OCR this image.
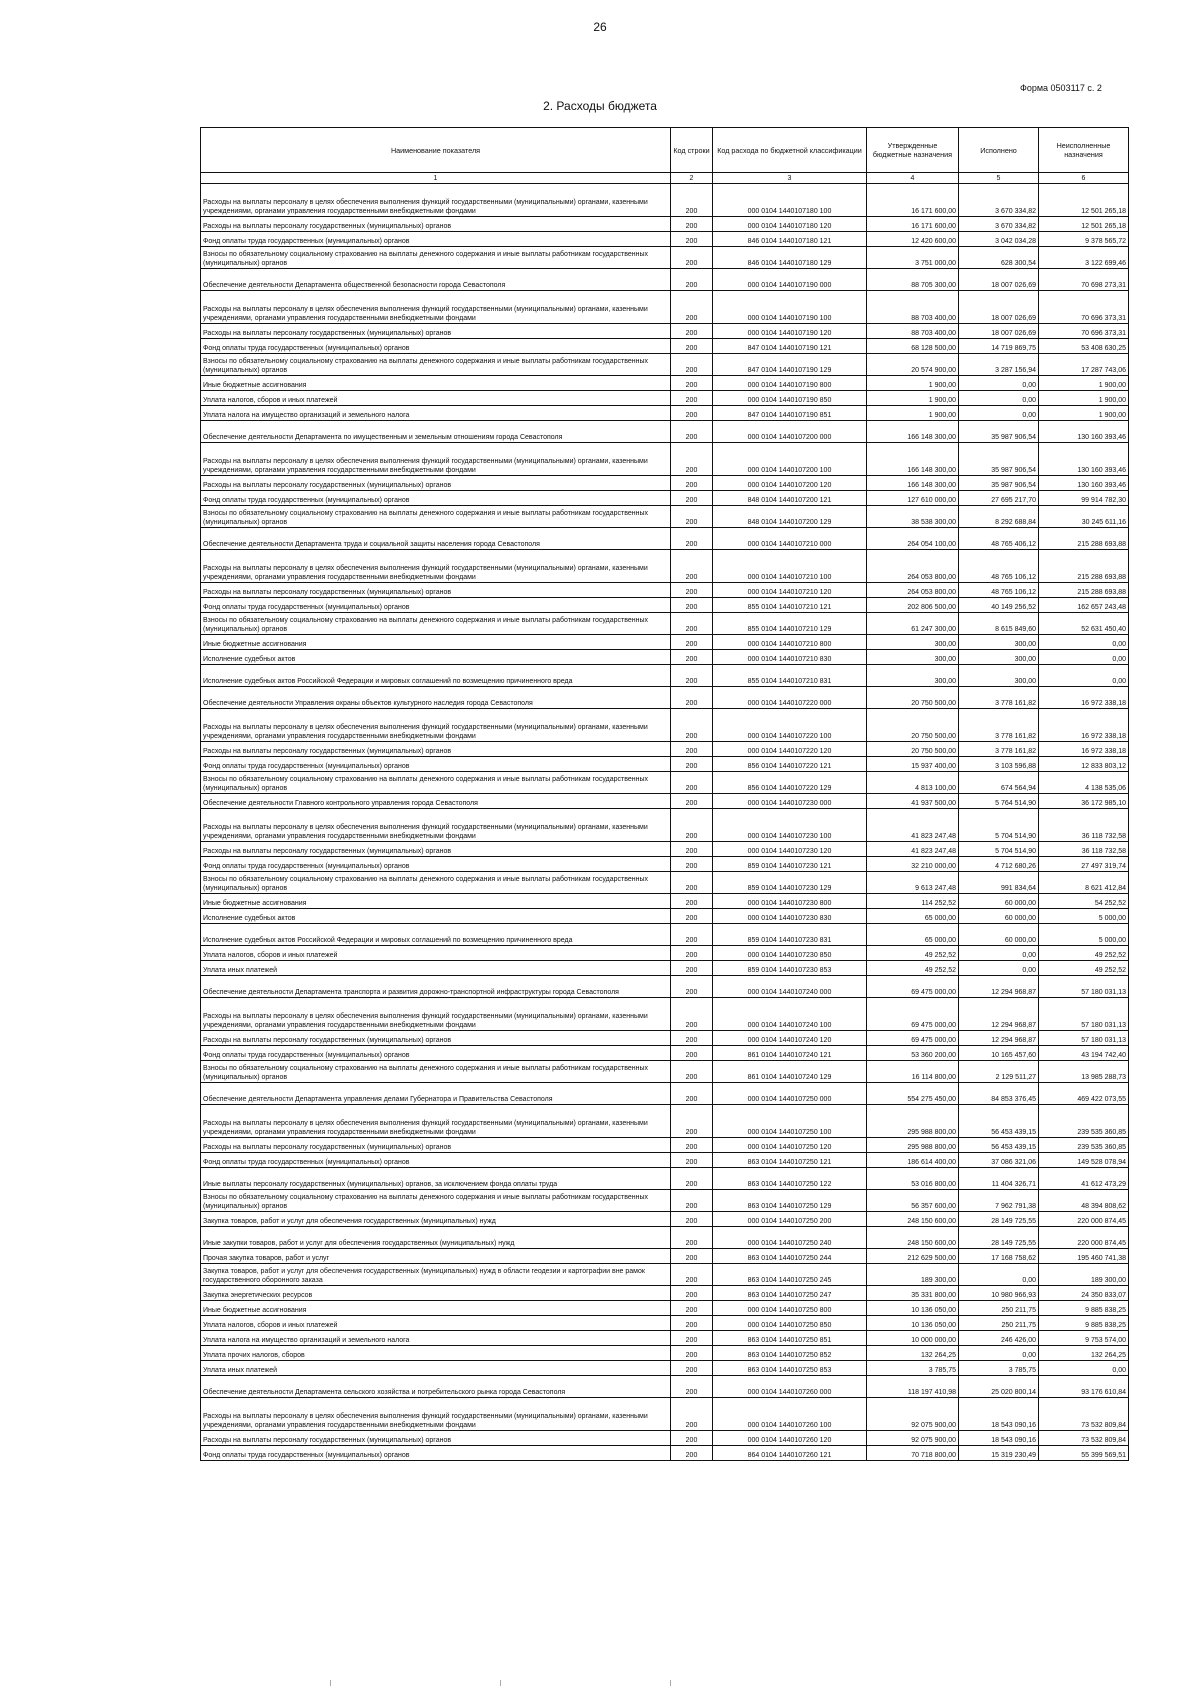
26
Форма 0503117 с. 2
2. Расходы бюджета
Наименование показателя	Код строки	Код расхода по бюджетной классификации	Утвержденные бюджетные назначения	Исполнено	Неисполненные назначения
1	2	3	4	5	6
Расходы на выплаты персоналу в целях обеспечения выполнения функций государственными (муниципальными) органами, казенными учреждениями, органами управления государственными внебюджетными фондами	200	000 0104 1440107180 100	16 171 600,00	3 670 334,82	12 501 265,18
Расходы на выплаты персоналу государственных (муниципальных) органов	200	000 0104 1440107180 120	16 171 600,00	3 670 334,82	12 501 265,18
Фонд оплаты труда государственных (муниципальных) органов	200	846 0104 1440107180 121	12 420 600,00	3 042 034,28	9 378 565,72
Взносы по обязательному социальному страхованию на выплаты денежного содержания и иные выплаты работникам государственных (муниципальных) органов	200	846 0104 1440107180 129	3 751 000,00	628 300,54	3 122 699,46
Обеспечение деятельности Департамента общественной безопасности города Севастополя	200	000 0104 1440107190 000	88 705 300,00	18 007 026,69	70 698 273,31
Расходы на выплаты персоналу в целях обеспечения выполнения функций государственными (муниципальными) органами, казенными учреждениями, органами управления государственными внебюджетными фондами	200	000 0104 1440107190 100	88 703 400,00	18 007 026,69	70 696 373,31
Расходы на выплаты персоналу государственных (муниципальных) органов	200	000 0104 1440107190 120	88 703 400,00	18 007 026,69	70 696 373,31
Фонд оплаты труда государственных (муниципальных) органов	200	847 0104 1440107190 121	68 128 500,00	14 719 869,75	53 408 630,25
Взносы по обязательному социальному страхованию на выплаты денежного содержания и иные выплаты работникам государственных (муниципальных) органов	200	847 0104 1440107190 129	20 574 900,00	3 287 156,94	17 287 743,06
Иные бюджетные ассигнования	200	000 0104 1440107190 800	1 900,00	0,00	1 900,00
Уплата налогов, сборов и иных платежей	200	000 0104 1440107190 850	1 900,00	0,00	1 900,00
Уплата налога на имущество организаций и земельного налога	200	847 0104 1440107190 851	1 900,00	0,00	1 900,00
Обеспечение деятельности Департамента по имущественным и земельным отношениям города Севастополя	200	000 0104 1440107200 000	166 148 300,00	35 987 906,54	130 160 393,46
Расходы на выплаты персоналу в целях обеспечения выполнения функций государственными (муниципальными) органами, казенными учреждениями, органами управления государственными внебюджетными фондами	200	000 0104 1440107200 100	166 148 300,00	35 987 906,54	130 160 393,46
Расходы на выплаты персоналу государственных (муниципальных) органов	200	000 0104 1440107200 120	166 148 300,00	35 987 906,54	130 160 393,46
Фонд оплаты труда государственных (муниципальных) органов	200	848 0104 1440107200 121	127 610 000,00	27 695 217,70	99 914 782,30
Взносы по обязательному социальному страхованию на выплаты денежного содержания и иные выплаты работникам государственных (муниципальных) органов	200	848 0104 1440107200 129	38 538 300,00	8 292 688,84	30 245 611,16
Обеспечение деятельности Департамента труда и социальной защиты населения города Севастополя	200	000 0104 1440107210 000	264 054 100,00	48 765 406,12	215 288 693,88
Расходы на выплаты персоналу в целях обеспечения выполнения функций государственными (муниципальными) органами, казенными учреждениями, органами управления государственными внебюджетными фондами	200	000 0104 1440107210 100	264 053 800,00	48 765 106,12	215 288 693,88
Расходы на выплаты персоналу государственных (муниципальных) органов	200	000 0104 1440107210 120	264 053 800,00	48 765 106,12	215 288 693,88
Фонд оплаты труда государственных (муниципальных) органов	200	855 0104 1440107210 121	202 806 500,00	40 149 256,52	162 657 243,48
Взносы по обязательному социальному страхованию на выплаты денежного содержания и иные выплаты работникам государственных (муниципальных) органов	200	855 0104 1440107210 129	61 247 300,00	8 615 849,60	52 631 450,40
Иные бюджетные ассигнования	200	000 0104 1440107210 800	300,00	300,00	0,00
Исполнение судебных актов	200	000 0104 1440107210 830	300,00	300,00	0,00
Исполнение судебных актов Российской Федерации и мировых соглашений по возмещению причиненного вреда	200	855 0104 1440107210 831	300,00	300,00	0,00
Обеспечение деятельности Управления охраны объектов культурного наследия города Севастополя	200	000 0104 1440107220 000	20 750 500,00	3 778 161,82	16 972 338,18
Расходы на выплаты персоналу в целях обеспечения выполнения функций государственными (муниципальными) органами, казенными учреждениями, органами управления государственными внебюджетными фондами	200	000 0104 1440107220 100	20 750 500,00	3 778 161,82	16 972 338,18
Расходы на выплаты персоналу государственных (муниципальных) органов	200	000 0104 1440107220 120	20 750 500,00	3 778 161,82	16 972 338,18
Фонд оплаты труда государственных (муниципальных) органов	200	856 0104 1440107220 121	15 937 400,00	3 103 596,88	12 833 803,12
Взносы по обязательному социальному страхованию на выплаты денежного содержания и иные выплаты работникам государственных (муниципальных) органов	200	856 0104 1440107220 129	4 813 100,00	674 564,94	4 138 535,06
Обеспечение деятельности Главного контрольного управления города Севастополя	200	000 0104 1440107230 000	41 937 500,00	5 764 514,90	36 172 985,10
Расходы на выплаты персоналу в целях обеспечения выполнения функций государственными (муниципальными) органами, казенными учреждениями, органами управления государственными внебюджетными фондами	200	000 0104 1440107230 100	41 823 247,48	5 704 514,90	36 118 732,58
Расходы на выплаты персоналу государственных (муниципальных) органов	200	000 0104 1440107230 120	41 823 247,48	5 704 514,90	36 118 732,58
Фонд оплаты труда государственных (муниципальных) органов	200	859 0104 1440107230 121	32 210 000,00	4 712 680,26	27 497 319,74
Взносы по обязательному социальному страхованию на выплаты денежного содержания и иные выплаты работникам государственных (муниципальных) органов	200	859 0104 1440107230 129	9 613 247,48	991 834,64	8 621 412,84
Иные бюджетные ассигнования	200	000 0104 1440107230 800	114 252,52	60 000,00	54 252,52
Исполнение судебных актов	200	000 0104 1440107230 830	65 000,00	60 000,00	5 000,00
Исполнение судебных актов Российской Федерации и мировых соглашений по возмещению причиненного вреда	200	859 0104 1440107230 831	65 000,00	60 000,00	5 000,00
Уплата налогов, сборов и иных платежей	200	000 0104 1440107230 850	49 252,52	0,00	49 252,52
Уплата иных платежей	200	859 0104 1440107230 853	49 252,52	0,00	49 252,52
Обеспечение деятельности Департамента транспорта и развития дорожно-транспортной инфраструктуры города Севастополя	200	000 0104 1440107240 000	69 475 000,00	12 294 968,87	57 180 031,13
Расходы на выплаты персоналу в целях обеспечения выполнения функций государственными (муниципальными) органами, казенными учреждениями, органами управления государственными внебюджетными фондами	200	000 0104 1440107240 100	69 475 000,00	12 294 968,87	57 180 031,13
Расходы на выплаты персоналу государственных (муниципальных) органов	200	000 0104 1440107240 120	69 475 000,00	12 294 968,87	57 180 031,13
Фонд оплаты труда государственных (муниципальных) органов	200	861 0104 1440107240 121	53 360 200,00	10 165 457,60	43 194 742,40
Взносы по обязательному социальному страхованию на выплаты денежного содержания и иные выплаты работникам государственных (муниципальных) органов	200	861 0104 1440107240 129	16 114 800,00	2 129 511,27	13 985 288,73
Обеспечение деятельности Департамента управления делами Губернатора и Правительства Севастополя	200	000 0104 1440107250 000	554 275 450,00	84 853 376,45	469 422 073,55
Расходы на выплаты персоналу в целях обеспечения выполнения функций государственными (муниципальными) органами, казенными учреждениями, органами управления государственными внебюджетными фондами	200	000 0104 1440107250 100	295 988 800,00	56 453 439,15	239 535 360,85
Расходы на выплаты персоналу государственных (муниципальных) органов	200	000 0104 1440107250 120	295 988 800,00	56 453 439,15	239 535 360,85
Фонд оплаты труда государственных (муниципальных) органов	200	863 0104 1440107250 121	186 614 400,00	37 086 321,06	149 528 078,94
Иные выплаты персоналу государственных (муниципальных) органов, за исключением фонда оплаты труда	200	863 0104 1440107250 122	53 016 800,00	11 404 326,71	41 612 473,29
Взносы по обязательному социальному страхованию на выплаты денежного содержания и иные выплаты работникам государственных (муниципальных) органов	200	863 0104 1440107250 129	56 357 600,00	7 962 791,38	48 394 808,62
Закупка товаров, работ и услуг для обеспечения государственных (муниципальных) нужд	200	000 0104 1440107250 200	248 150 600,00	28 149 725,55	220 000 874,45
Иные закупки товаров, работ и услуг для обеспечения государственных (муниципальных) нужд	200	000 0104 1440107250 240	248 150 600,00	28 149 725,55	220 000 874,45
Прочая закупка товаров, работ и услуг	200	863 0104 1440107250 244	212 629 500,00	17 168 758,62	195 460 741,38
Закупка товаров, работ и услуг для обеспечения государственных (муниципальных) нужд в области геодезии и картографии вне рамок государственного оборонного заказа	200	863 0104 1440107250 245	189 300,00	0,00	189 300,00
Закупка энергетических ресурсов	200	863 0104 1440107250 247	35 331 800,00	10 980 966,93	24 350 833,07
Иные бюджетные ассигнования	200	000 0104 1440107250 800	10 136 050,00	250 211,75	9 885 838,25
Уплата налогов, сборов и иных платежей	200	000 0104 1440107250 850	10 136 050,00	250 211,75	9 885 838,25
Уплата налога на имущество организаций и земельного налога	200	863 0104 1440107250 851	10 000 000,00	246 426,00	9 753 574,00
Уплата прочих налогов, сборов	200	863 0104 1440107250 852	132 264,25	0,00	132 264,25
Уплата иных платежей	200	863 0104 1440107250 853	3 785,75	3 785,75	0,00
Обеспечение деятельности Департамента сельского хозяйства и потребительского рынка города Севастополя	200	000 0104 1440107260 000	118 197 410,98	25 020 800,14	93 176 610,84
Расходы на выплаты персоналу в целях обеспечения выполнения функций государственными (муниципальными) органами, казенными учреждениями, органами управления государственными внебюджетными фондами	200	000 0104 1440107260 100	92 075 900,00	18 543 090,16	73 532 809,84
Расходы на выплаты персоналу государственных (муниципальных) органов	200	000 0104 1440107260 120	92 075 900,00	18 543 090,16	73 532 809,84
Фонд оплаты труда государственных (муниципальных) органов	200	864 0104 1440107260 121	70 718 800,00	15 319 230,49	55 399 569,51
